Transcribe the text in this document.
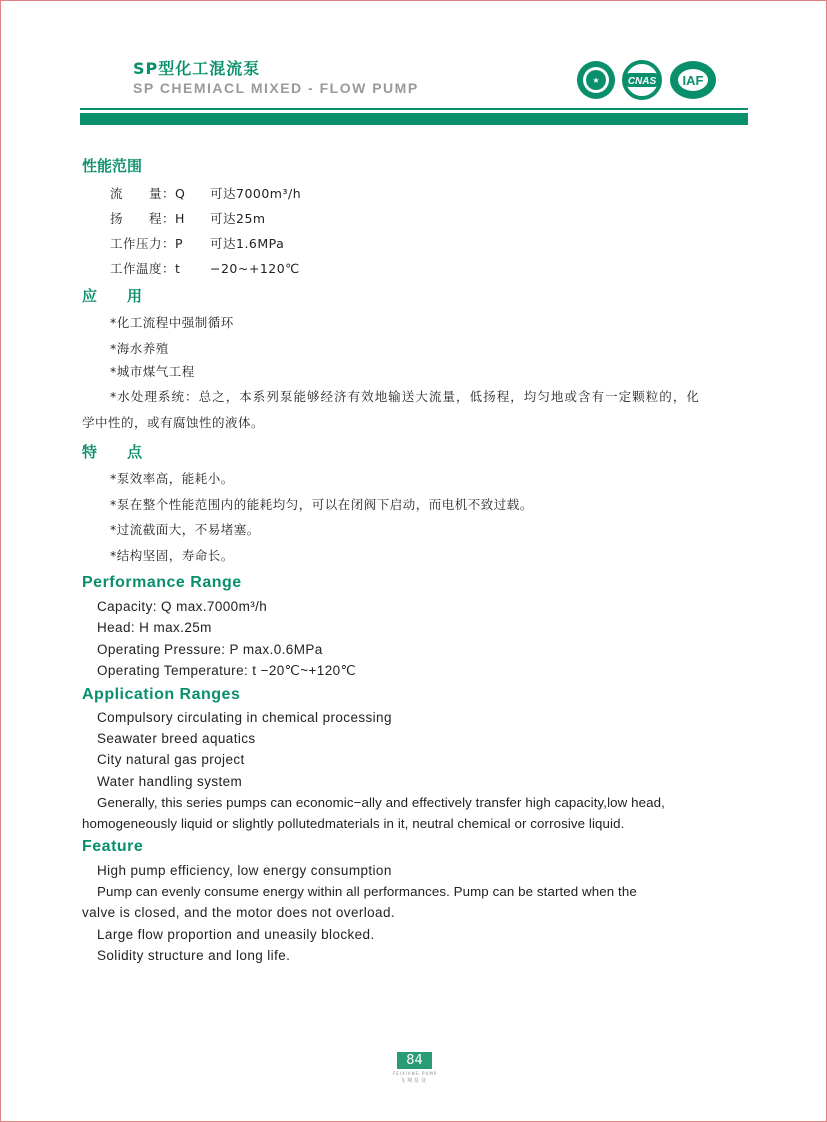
SP型化工混流泵
SP CHEMIACL MIXED - FLOW PUMP	★	CNAS IAF
性能范围
流　　量：Q 可达7000m³/h
扬　　程：H 可达25m
工作压力：P 可达1.6MPa
工作温度：t −20~+120℃
应　　用
*化工流程中强制循环
*海水养殖
*城市煤气工程
*水处理系统：总之，本系列泵能够经济有效地输送大流量，低扬程，均匀地或含有一定颗粒的，化
学中性的，或有腐蚀性的液体。
特　　点
*泵效率高，能耗小。
*泵在整个性能范围内的能耗均匀，可以在闭阀下启动，而电机不致过载。
*过流截面大，不易堵塞。
*结构坚固，寿命长。
Performance Range
Capacity: Q max.7000m³/h
Head: H max.25m
Operating Pressure: P max.0.6MPa
Operating Temperature: t −20℃~+120℃
Application Ranges
Compulsory circulating in chemical processing
Seawater breed aquatics
City natural gas project
Water handling system
Generally, this series pumps can economic−ally and effectively transfer high capacity,low head,
homogeneously liquid or slightly pollutedmaterials in it, neutral chemical or corrosive liquid.
Feature
High pump efficiency, low energy consumption
Pump can evenly consume energy within all performances. Pump can be started when the
valve is closed, and the motor does not overload.
Large flow proportion and uneasily blocked.
Solidity structure and long life.
84
FEIXIANG PUMP
飞翔泵业
